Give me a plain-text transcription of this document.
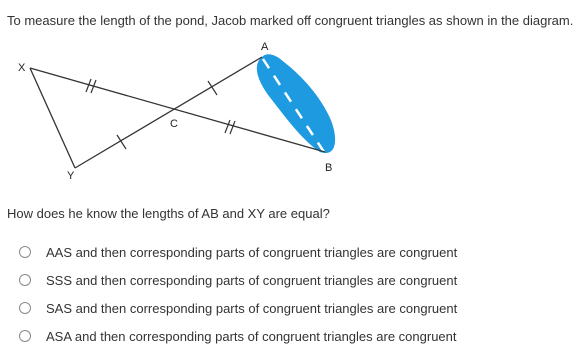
To measure the length of the pond, Jacob marked off congruent triangles as shown in the diagram.
X
Y
C
A
B
How does he know the lengths of AB and XY are equal?
AAS and then corresponding parts of congruent triangles are congruent
SSS and then corresponding parts of congruent triangles are congruent
SAS and then corresponding parts of congruent triangles are congruent
ASA and then corresponding parts of congruent triangles are congruent
